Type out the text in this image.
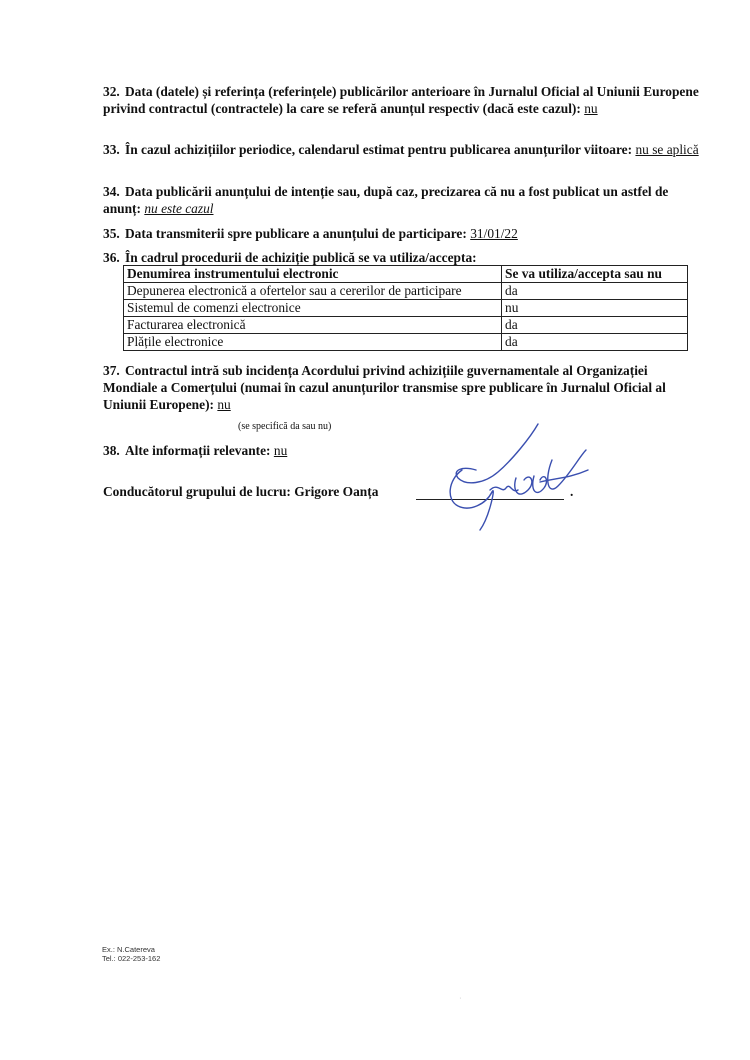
32. Data (datele) și referința (referințele) publicărilor anterioare în Jurnalul Oficial al Uniunii Europene privind contractul (contractele) la care se referă anunțul respectiv (dacă este cazul): nu
33. În cazul achizițiilor periodice, calendarul estimat pentru publicarea anunțurilor viitoare: nu se aplică
34. Data publicării anunțului de intenție sau, după caz, precizarea că nu a fost publicat un astfel de anunț: nu este cazul
35. Data transmiterii spre publicare a anunțului de participare: 31/01/22
36. În cadrul procedurii de achiziție publică se va utiliza/accepta:
Denumirea instrumentului electronic	Se va utiliza/accepta sau nu
Depunerea electronică a ofertelor sau a cererilor de participare	da
Sistemul de comenzi electronice	nu
Facturarea electronică	da
Plățile electronice	da
37. Contractul intră sub incidența Acordului privind achizițiile guvernamentale al Organizației Mondiale a Comerțului (numai în cazul anunțurilor transmise spre publicare în Jurnalul Oficial al Uniunii Europene): nu
(se specifică da sau nu)
38. Alte informații relevante: nu
Conducătorul grupului de lucru: Grigore Oanța	.
Ex.: N.Catereva
Tel.: 022-253-162
˙
